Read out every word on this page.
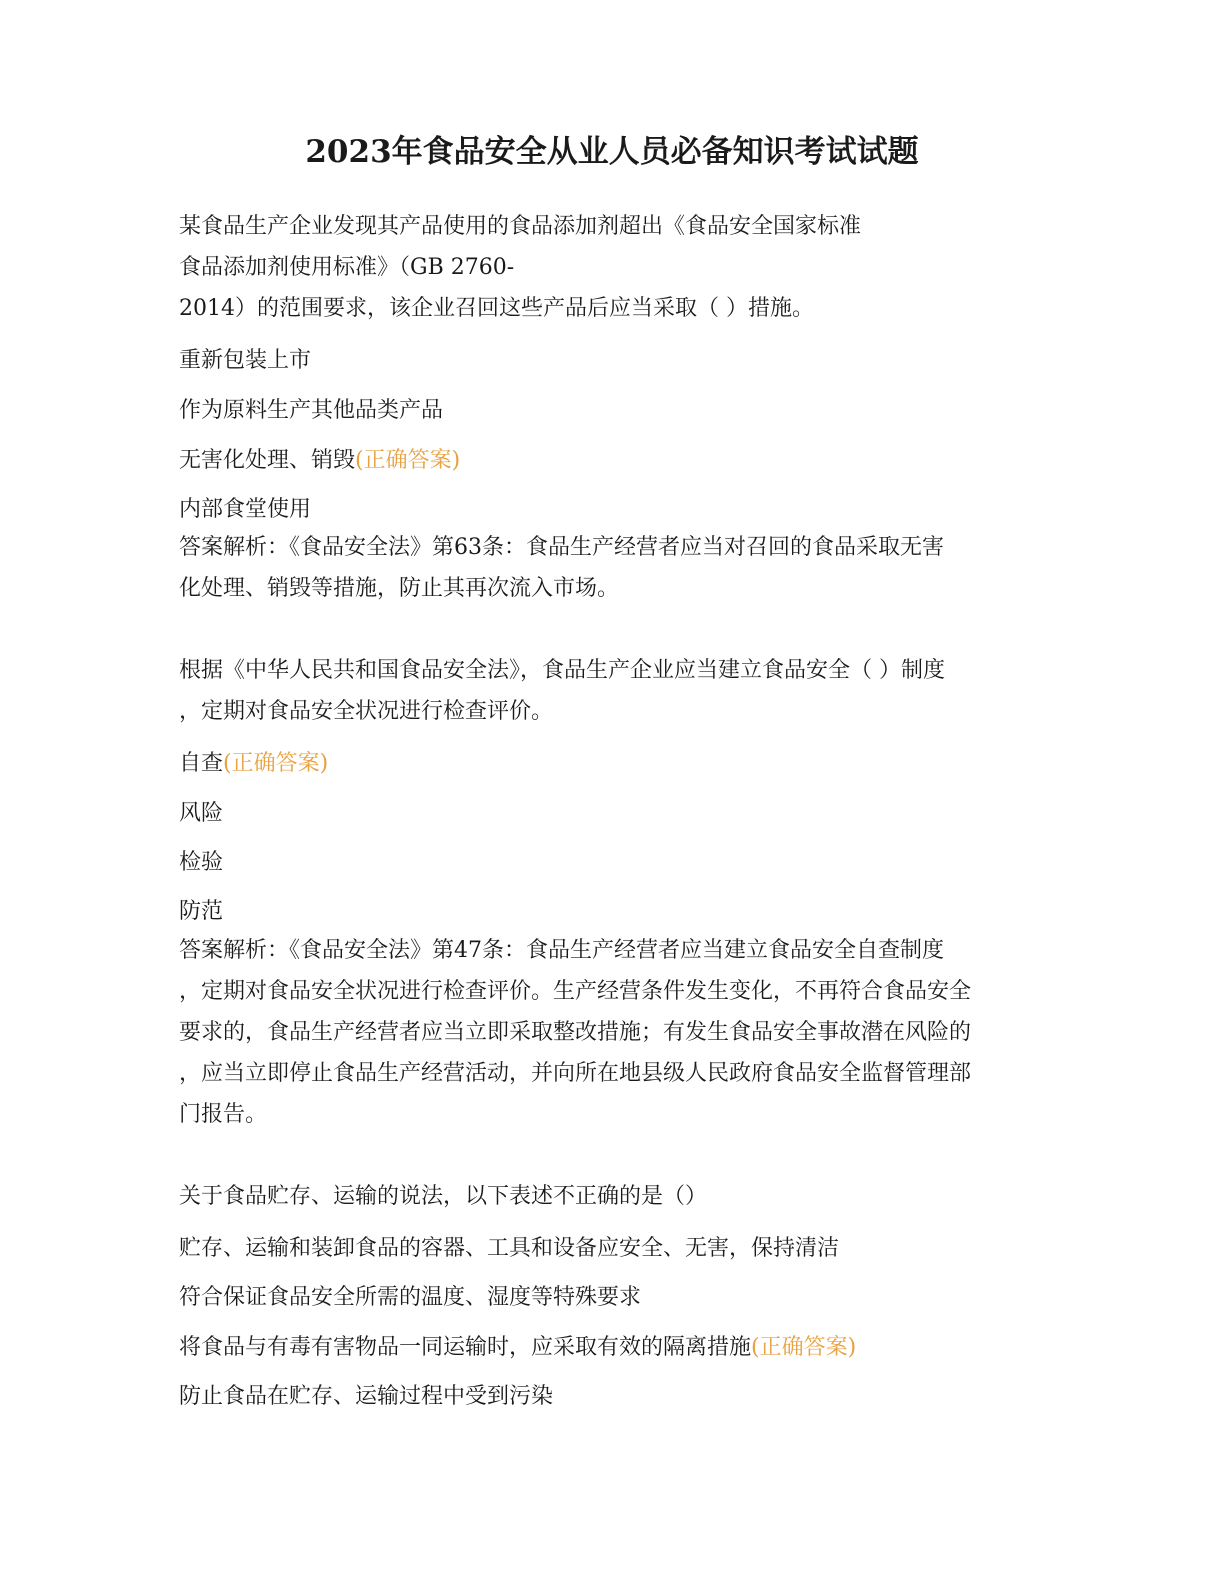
2023年食品安全从业人员必备知识考试试题
某食品生产企业发现其产品使用的食品添加剂超出《食品安全国家标准
食品添加剂使用标准》（GB 2760-
2014）的范围要求，该企业召回这些产品后应当采取（ ）措施。
重新包装上市
作为原料生产其他品类产品
无害化处理、销毁(正确答案)
内部食堂使用
答案解析：《食品安全法》第63条：食品生产经营者应当对召回的食品采取无害
化处理、销毁等措施，防止其再次流入市场。
根据《中华人民共和国食品安全法》，食品生产企业应当建立食品安全（ ）制度
，定期对食品安全状况进行检查评价。
自查(正确答案)
风险
检验
防范
答案解析：《食品安全法》第47条：食品生产经营者应当建立食品安全自查制度
，定期对食品安全状况进行检查评价。生产经营条件发生变化，不再符合食品安全
要求的，食品生产经营者应当立即采取整改措施；有发生食品安全事故潜在风险的
，应当立即停止食品生产经营活动，并向所在地县级人民政府食品安全监督管理部
门报告。
关于食品贮存、运输的说法，以下表述不正确的是（）
贮存、运输和装卸食品的容器、工具和设备应安全、无害，保持清洁
符合保证食品安全所需的温度、湿度等特殊要求
将食品与有毒有害物品一同运输时，应采取有效的隔离措施(正确答案)
防止食品在贮存、运输过程中受到污染
